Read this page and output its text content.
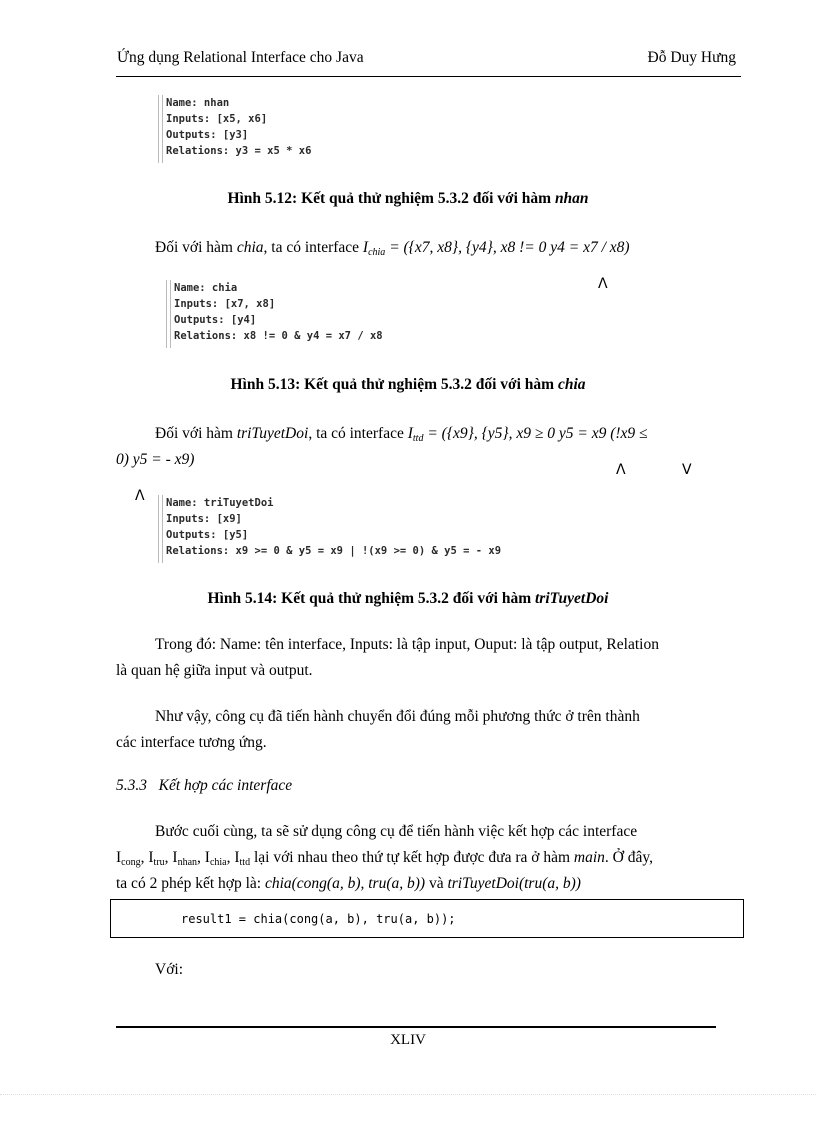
Ứng dụng Relational Interface cho Java	Đỗ Duy Hưng
Name: nhan
Inputs: [x5, x6]
Outputs: [y3]
Relations: y3 = x5 * x6
Hình 5.12: Kết quả thử nghiệm 5.3.2 đối với hàm nhan
Đối với hàm chia, ta có interface $I_{chia} = (\{x7$, x8}, {y4}, x8 != 0 y4 = x7 / x8)
Λ
Name: chia
Inputs: [x7, x8]
Outputs: [y4]
Relations: x8 != 0 & y4 = x7 / x8
Hình 5.13: Kết quả thử nghiệm 5.3.2 đối với hàm chia
Đối với hàm triTuyetDoi, ta có interface $I_{ttd} = (\{x9\}$, {y5}, x9 ≥ 0 y5 = x9 (!x9 ≤
0) y5 = - x9)
Λ	V
Λ Name: triTuyetDoi
Inputs: [x9]
Outputs: [y5]
Relations: x9 >= 0 & y5 = x9 | !(x9 >= 0) & y5 = - x9
Hình 5.14: Kết quả thử nghiệm 5.3.2 đối với hàm triTuyetDoi
Trong đó: Name: tên interface, Inputs: là tập input, Ouput: là tập output, Relation
là quan hệ giữa input và output.
Như vậy, công cụ đã tiến hành chuyển đổi đúng mỗi phương thức ở trên thành
các interface tương ứng.
5.3.3 Kết hợp các interface
Bước cuối cùng, ta sẽ sử dụng công cụ để tiến hành việc kết hợp các interface
$I_{cong}$, $I_{tru}$, $I_{nhan}$, $I_{chia}$, $I_{ttd}$ lại với nhau theo thứ tự kết hợp được đưa ra ở hàm main. Ở đây,
ta có 2 phép kết hợp là: chia(cong(a, b), tru(a, b)) và triTuyetDoi(tru(a, b))
result1 = chia(cong(a, b), tru(a, b));
Với:
XLIV
